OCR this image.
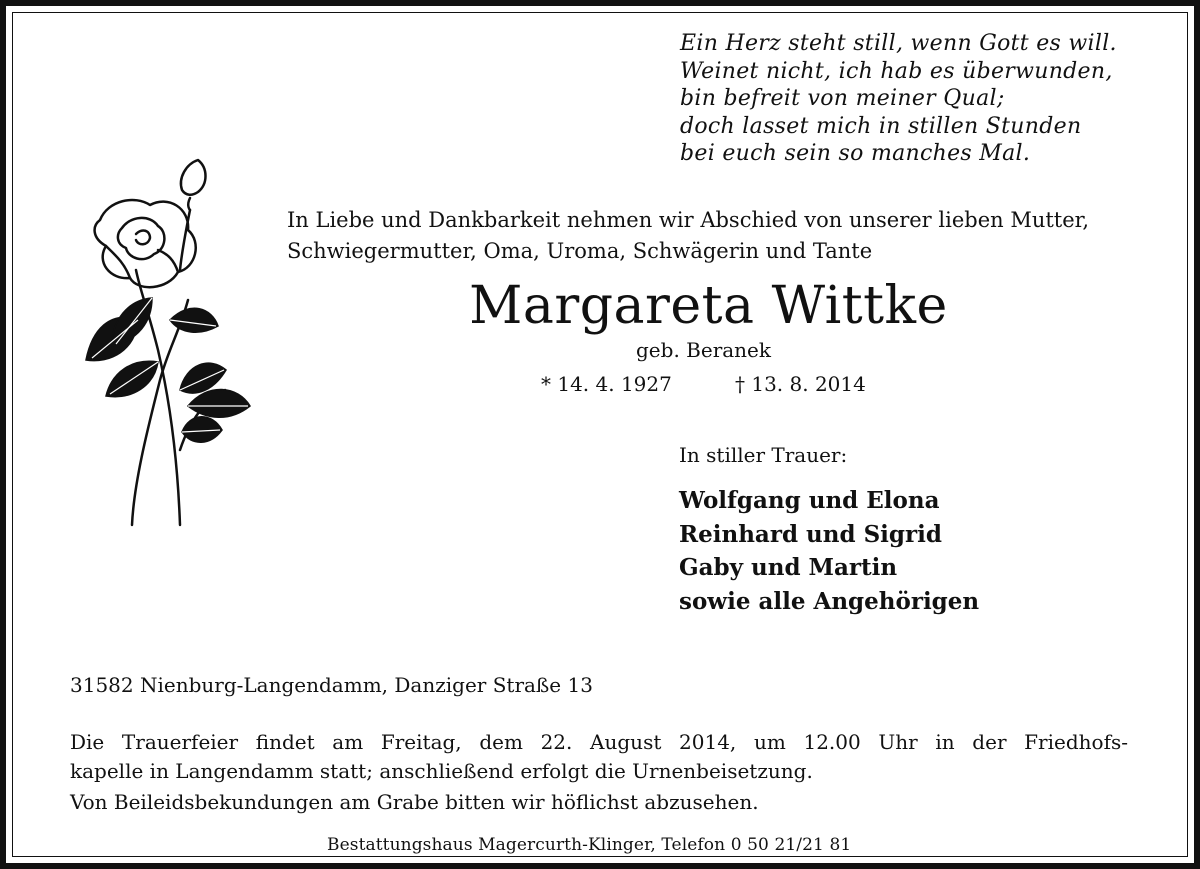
Ein Herz steht still, wenn Gott es will.
Weinet nicht, ich hab es überwunden,
bin befreit von meiner Qual;
doch lasset mich in stillen Stunden
bei euch sein so manches Mal.
In Liebe und Dankbarkeit nehmen wir Abschied von unserer lieben Mutter,
Schwiegermutter, Oma, Uroma, Schwägerin und Tante
Margareta Wittke
geb. Beranek
* 14. 4. 1927	† 13. 8. 2014
In stiller Trauer:
Wolfgang und Elona
Reinhard und Sigrid
Gaby und Martin
sowie alle Angehörigen
31582 Nienburg-Langendamm, Danziger Straße 13
Die Trauerfeier findet am Freitag, dem 22. August 2014, um 12.00 Uhr in der Friedhofs-
kapelle in Langendamm statt; anschließend erfolgt die Urnenbeisetzung.
Von Beileidsbekundungen am Grabe bitten wir höflichst abzusehen.
Bestattungshaus Magercurth-Klinger, Telefon 0 50 21/21 81
